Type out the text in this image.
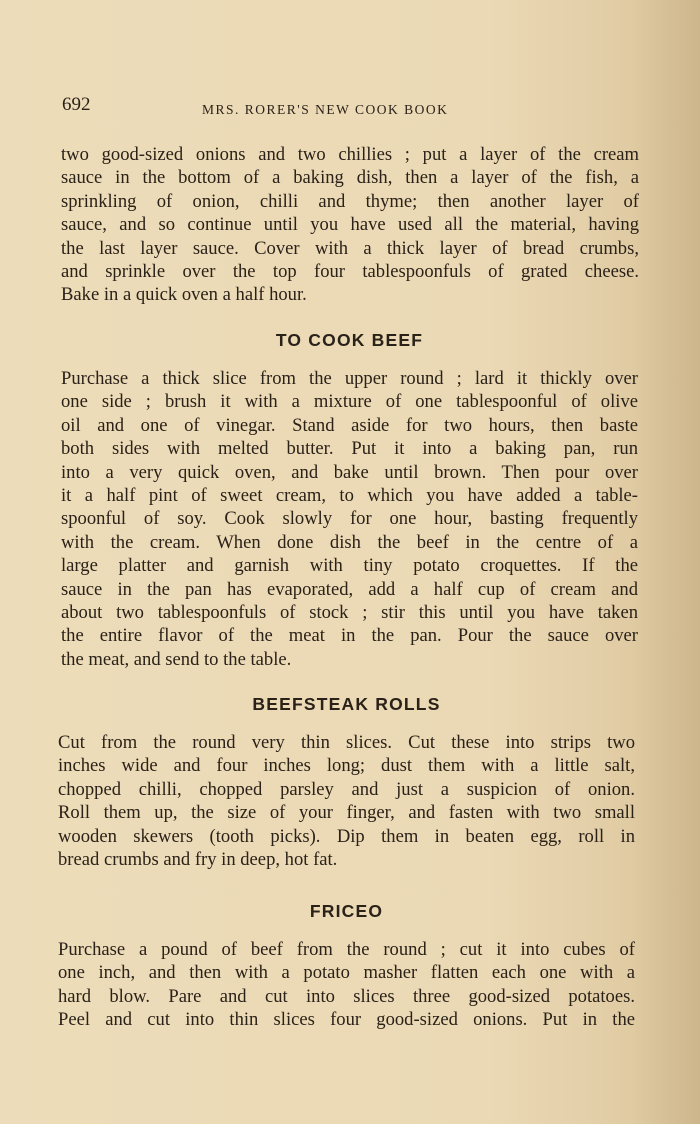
692	MRS. RORER'S NEW COOK BOOK
two good-sized onions and two chillies ; put a layer of the cream
sauce in the bottom of a baking dish, then a layer of the fish, a
sprinkling of onion, chilli and thyme; then another layer of
sauce, and so continue until you have used all the material, having
the last layer sauce. Cover with a thick layer of bread crumbs,
and sprinkle over the top four tablespoonfuls of grated cheese.
Bake in a quick oven a half hour.
TO COOK BEEF
Purchase a thick slice from the upper round ; lard it thickly over
one side ; brush it with a mixture of one tablespoonful of olive
oil and one of vinegar. Stand aside for two hours, then baste
both sides with melted butter. Put it into a baking pan, run
into a very quick oven, and bake until brown. Then pour over
it a half pint of sweet cream, to which you have added a table-
spoonful of soy. Cook slowly for one hour, basting frequently
with the cream. When done dish the beef in the centre of a
large platter and garnish with tiny potato croquettes. If the
sauce in the pan has evaporated, add a half cup of cream and
about two tablespoonfuls of stock ; stir this until you have taken
the entire flavor of the meat in the pan. Pour the sauce over
the meat, and send to the table.
BEEFSTEAK ROLLS
Cut from the round very thin slices. Cut these into strips two
inches wide and four inches long; dust them with a little salt,
chopped chilli, chopped parsley and just a suspicion of onion.
Roll them up, the size of your finger, and fasten with two small
wooden skewers (tooth picks). Dip them in beaten egg, roll in
bread crumbs and fry in deep, hot fat.
FRICEO
Purchase a pound of beef from the round ; cut it into cubes of
one inch, and then with a potato masher flatten each one with a
hard blow. Pare and cut into slices three good-sized potatoes.
Peel and cut into thin slices four good-sized onions. Put in the
